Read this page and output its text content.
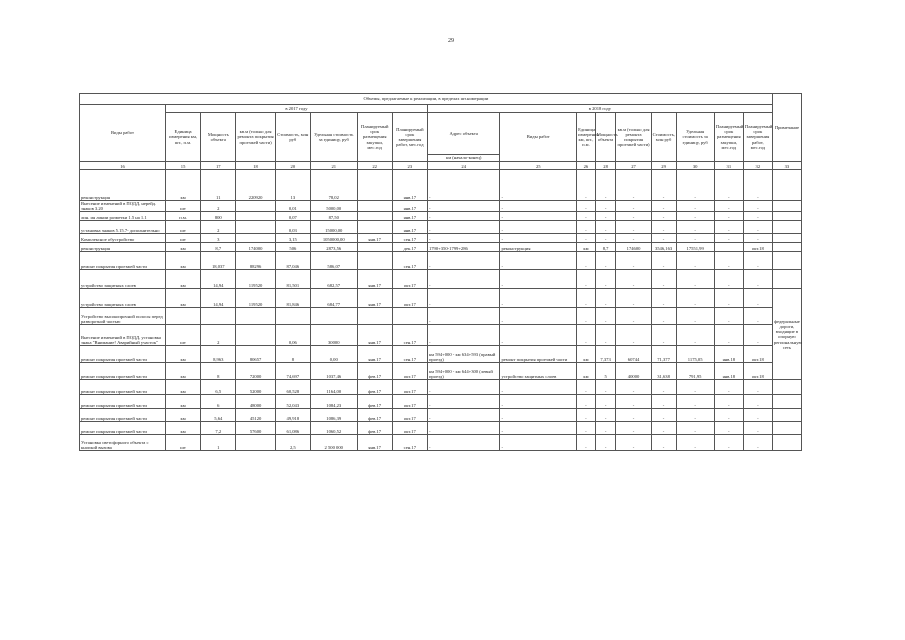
29
Объемы, предлагаемые к реализации, в пределах шт.номерации																	Примечание
Виды работ	в 2017 году							в 2018 году									
	Единица измерения км, шт., п.м.	Мощность объекта	кв.м (только для ремонта покрытия проезжей части)	Стоимость, млн руб	Удельная стоимость за единицу, руб	Планируемый срок размещения закупки, мес.год	Планируемый срок завершения работ, мес.год	Адрес объекта	Виды работ	Единица измерения км, шт., п.м.	Мощность объекта	кв.м (только для ремонта покрытия проезжей части)	Стоимость, млн руб	Удельная стоимость за единицу, руб	Планируемый срок размещения закупки, мес.год	Планируемый срок завершения работ, мес.год	
								км (начало-конец)									
16	15	17	18	20	21	22	23	24	25	26	28	27	29	30	31	32	33
реконструкция	км	11	220920	13	78,02		янв.17	-	-	-	-	-	-	-	-	-	
Внесение изменений в ПОДД, нерейд. знаков 3.20	шт	2		0,01	5000,00		янв.17	-	-	-	-	-	-	-	-	-	
лин. ия линии разметки 1.5 на 1.1	п.м.	800		0,07	87,50		янв.17	-	-	-	-	-	-	-	-	-	
установка знаков 5.15.7- дополнительно	шт	2		0,03	15000,00		янв.17	-	-	-	-	-	-	-	-	-	
Комплексное обустройство	шт	3		3,15	1050000,00	янв.17	сен.17	-	-	-	-	-	-	-	-	-	
реконструкция	км	8,7	174000	506	2873,56		дек.17	1790+350-1799+286	реконструкция	км	8,7	174600	3546,163	17551,99		окт.18	
ремонт покрытия проезжей части	км	18,037	88296	87,046	586,07		сен.17	-	-	-	-	-	-	-	-	-	
устройство защитных слоев	км	14,94	119520	81,501	682,57	янв.17	окт.17	-	-	-	-	-	-	-	-	-	
устройство защитных слоев	км	14,94	119520	81,846	684,77	янв.17	окт.17	-	-	-	-	-	-	-	-	-	федеральные дороги, входящие в опорную региональную сеть
Устройство высокопрочной полосы перед разворотной частью								-	-	-	-	-	-	-	-	-	
Внесение изменений в ПОДД, установка знака "Внимание! Аварийный участок"	шт	2		0,06	30000	янв.17	сен.17	-	-	-	-	-	-	-	-	-	
ремонт покрытия проезжей части	км	8,963	80657	8	0,00	янв.17	сен.17	км 594+000 - км 634+593 (правый проезд)	ремонт покрытия проезжей части	км	7,373	60744	71,377	1175,05	янв.18	окт.18	
ремонт покрытия проезжей части	км	8	72000	74,697	1037,46	фев.17	окт.17	км 594+000 - км 644+300 (левый проезд)	устройство защитных слоев	км	5	40000	31,638	791,95	янв.18	окт.18	
ремонт покрытия проезжей части	км	6,5	52000	60,528	1164,00	фев.17	окт.17	-	-	-	-	-	-	-	-	-	
ремонт покрытия проезжей части	км	6	48000	52,043	1084,23	фев.17	окт.17	-	-	-	-	-	-	-	-	-	
ремонт покрытия проезжей части	км	5,64	45120	49,918	1086,39	фев.17	окт.17	-	-	-	-	-	-	-	-	-	
ремонт покрытия проезжей части	км	7,2	57600	61,086	1060,52	фев.17	окт.17	-	-	-	-	-	-	-	-	-	
Установка светофорного объекта с кнопкой вызова	шт	1		2,5	2 500 000	янв.17	сен.17	-	-	-	-	-	-	-	-	-	
